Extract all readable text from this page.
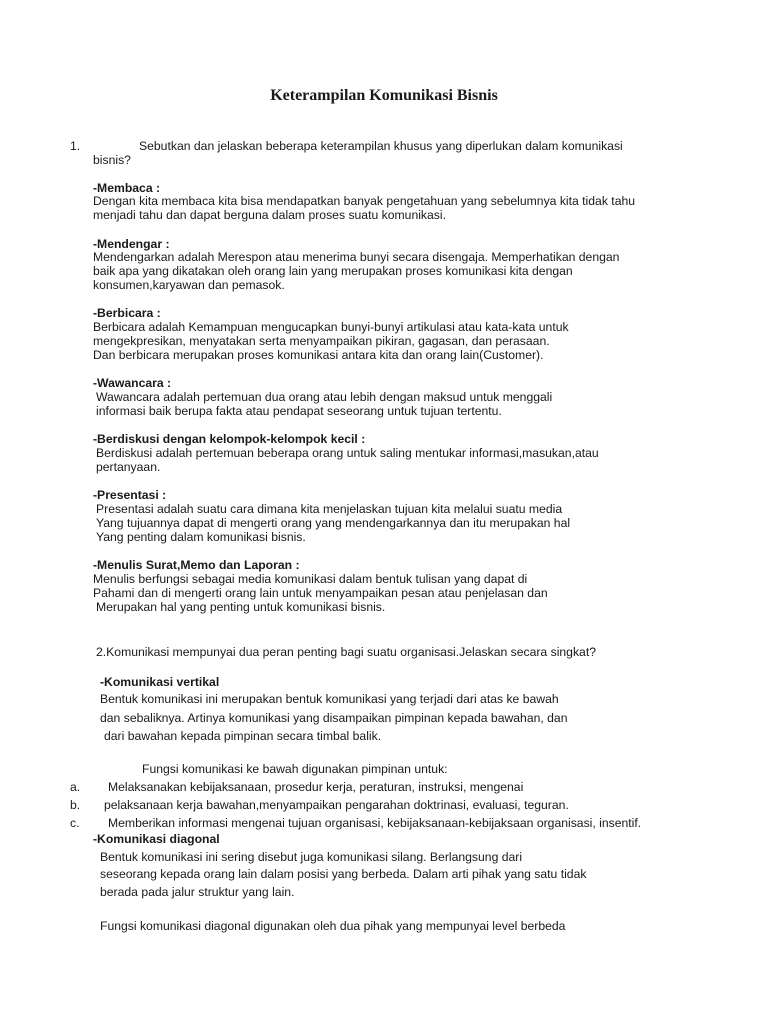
Keterampilan Komunikasi Bisnis
1.	Sebutkan dan jelaskan beberapa keterampilan khusus yang diperlukan dalam komunikasi
bisnis?
-Membaca :
Dengan kita membaca kita bisa mendapatkan banyak pengetahuan yang sebelumnya kita tidak tahu
menjadi tahu dan dapat berguna dalam proses suatu komunikasi.
-Mendengar :
Mendengarkan adalah Merespon atau menerima bunyi secara disengaja. Memperhatikan dengan
baik apa yang dikatakan oleh orang lain yang merupakan proses komunikasi kita dengan
konsumen,karyawan dan pemasok.
-Berbicara :
Berbicara adalah Kemampuan mengucapkan bunyi-bunyi artikulasi atau kata-kata untuk
mengekpresikan, menyatakan serta menyampaikan pikiran, gagasan, dan perasaan.
Dan berbicara merupakan proses komunikasi antara kita dan orang lain(Customer).
-Wawancara :
Wawancara adalah pertemuan dua orang atau lebih dengan maksud untuk menggali
informasi baik berupa fakta atau pendapat seseorang untuk tujuan tertentu.
-Berdiskusi dengan kelompok-kelompok kecil :
Berdiskusi adalah pertemuan beberapa orang untuk saling mentukar informasi,masukan,atau
pertanyaan.
-Presentasi :
Presentasi adalah suatu cara dimana kita menjelaskan tujuan kita melalui suatu media
Yang tujuannya dapat di mengerti orang yang mendengarkannya dan itu merupakan hal
Yang penting dalam komunikasi bisnis.
-Menulis Surat,Memo dan Laporan :
Menulis berfungsi sebagai media komunikasi dalam bentuk tulisan yang dapat di
Pahami dan di mengerti orang lain untuk menyampaikan pesan atau penjelasan dan
Merupakan hal yang penting untuk komunikasi bisnis.
2.Komunikasi mempunyai dua peran penting bagi suatu organisasi.Jelaskan secara singkat?
-Komunikasi vertikal
Bentuk komunikasi ini merupakan bentuk komunikasi yang terjadi dari atas ke bawah
dan sebaliknya. Artinya komunikasi yang disampaikan pimpinan kepada bawahan, dan
dari bawahan kepada pimpinan secara timbal balik.
Fungsi komunikasi ke bawah digunakan pimpinan untuk:
a. Melaksanakan kebijaksanaan, prosedur kerja, peraturan, instruksi, mengenai
b. pelaksanaan kerja bawahan,menyampaikan pengarahan doktrinasi, evaluasi, teguran.
c. Memberikan informasi mengenai tujuan organisasi, kebijaksanaan-kebijaksaan organisasi, insentif.
-Komunikasi diagonal
Bentuk komunikasi ini sering disebut juga komunikasi silang. Berlangsung dari
seseorang kepada orang lain dalam posisi yang berbeda. Dalam arti pihak yang satu tidak
berada pada jalur struktur yang lain.
Fungsi komunikasi diagonal digunakan oleh dua pihak yang mempunyai level berbeda
